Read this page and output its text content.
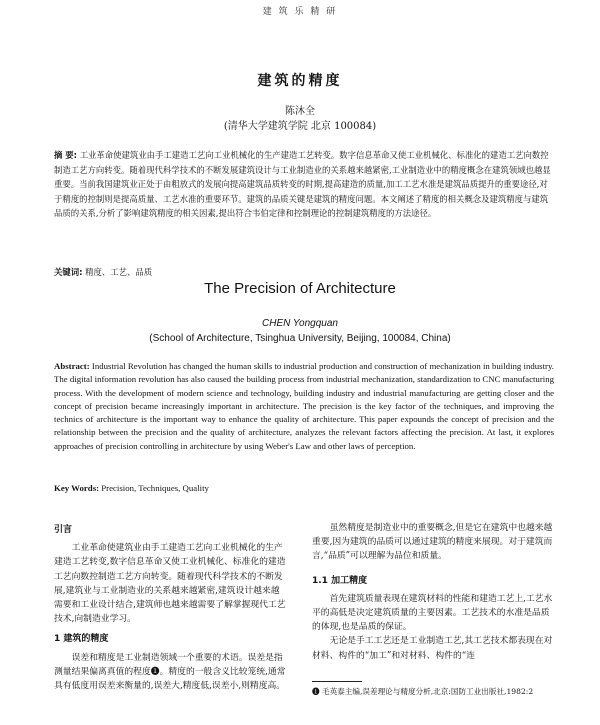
建 筑 乐 精 研
建筑的精度
陈沐全
(清华大学建筑学院 北京 100084)
摘 要: 工业革命使建筑业由手工建造工艺向工业机械化的生产建造工艺转变。数字信息革命又使工业机械化、标准化的建造工艺向数控制造工艺方向转变。随着现代科学技术的不断发展建筑设计与工业制造业的关系越来越紧密,工业制造业中的精度概念在建筑领域也越显重要。当前我国建筑业正处于由粗放式的发展向提高建筑品质转变的时期,提高建造的质量,加工工艺水准是建筑品质提升的重要途径,对于精度的控制则是提高质量、工艺水准的重要环节。建筑的品质关键是建筑的精度问题。本文阐述了精度的相关概念及建筑精度与建筑品质的关系,分析了影响建筑精度的相关因素,提出符合韦伯定律和控制理论的控制建筑精度的方法途径。
关键词: 精度、工艺、品质
The Precision of Architecture
CHEN Yongquan
(School of Architecture, Tsinghua University, Beijing, 100084, China)
Abstract: Industrial Revolution has changed the human skills to industrial production and construction of mechanization in building industry. The digital information revolution has also caused the building process from industrial mechanization, standardization to CNC manufacturing process. With the development of modern science and technology, building industry and industrial manufacturing are getting closer and the concept of precision became increasingly important in architecture. The precision is the key factor of the techniques, and improving the technics of architecture is the important way to enhance the quality of architecture. This paper expounds the concept of precision and the relationship between the precision and the quality of architecture, analyzes the relevant factors affecting the precision. At last, it explores approaches of precision controlling in architecture by using Weber's Law and other laws of perception.
Key Words: Precision, Techniques, Quality
引言

工业革命使建筑业由手工建造工艺向工业机械化的生产建造工艺转变,数字信息革命又使工业机械化、标准化的建造工艺向数控制造工艺方向转变。随着现代科学技术的不断发展,建筑业与工业制造业的关系越来越紧密,建筑设计越来越需要和工业设计结合,建筑师也越来越需要了解掌握现代工艺技术,向制造业学习。

1 建筑的精度

误差和精度是工业制造领域一个重要的术语。误差是指测量结果偏离真值的程度❶。精度的一般含义比较笼统,通常具有低度用误差来衡量的,误差大,精度低,误差小,则精度高。

虽然精度是制造业中的重要概念,但是它在建筑中也越来越重要,因为建筑的品质可以通过建筑的精度来展现。对于建筑而言,“品质”可以理解为品位和质量。

1.1 加工精度

首先建筑质量表现在建筑材料的性能和建造工艺上,工艺水平的高低是决定建筑质量的主要因素。工艺技术的水准是品质的体现,也是品质的保证。

无论是手工工艺还是工业制造工艺,其工艺技术都表现在对材料、构件的“加工”和对材料、构件的“连

❶ 毛英泰主编,误差理论与精度分析,北京:国防工业出版社,1982:2
